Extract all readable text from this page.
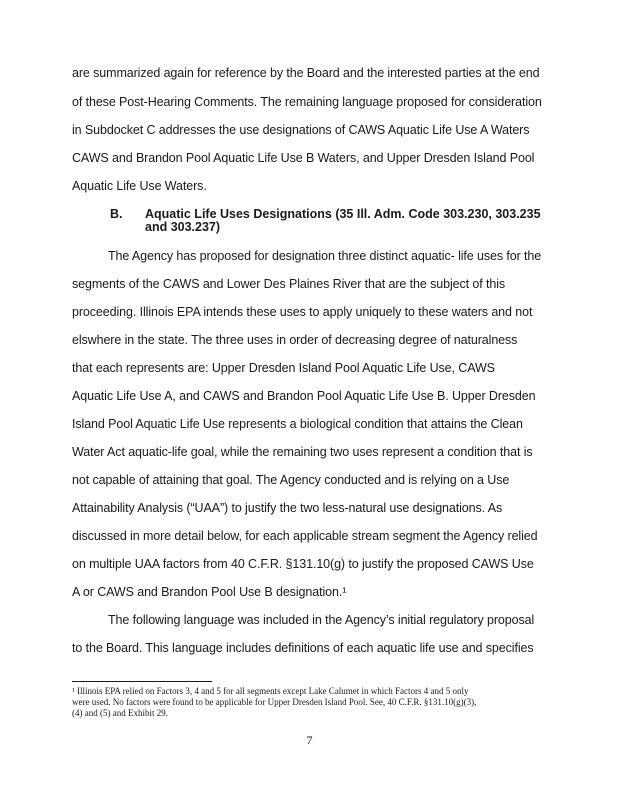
are summarized again for reference by the Board and the interested parties at the end
of these Post-Hearing Comments. The remaining language proposed for consideration
in Subdocket C addresses the use designations of CAWS Aquatic Life Use A Waters
CAWS and Brandon Pool Aquatic Life Use B Waters, and Upper Dresden Island Pool
Aquatic Life Use Waters.
B. Aquatic Life Uses Designations (35 Ill. Adm. Code 303.230, 303.235
and 303.237)
The Agency has proposed for designation three distinct aquatic- life uses for the
segments of the CAWS and Lower Des Plaines River that are the subject of this
proceeding. Illinois EPA intends these uses to apply uniquely to these waters and not
elswhere in the state. The three uses in order of decreasing degree of naturalness
that each represents are: Upper Dresden Island Pool Aquatic Life Use, CAWS
Aquatic Life Use A, and CAWS and Brandon Pool Aquatic Life Use B. Upper Dresden
Island Pool Aquatic Life Use represents a biological condition that attains the Clean
Water Act aquatic-life goal, while the remaining two uses represent a condition that is
not capable of attaining that goal. The Agency conducted and is relying on a Use
Attainability Analysis (“UAA”) to justify the two less-natural use designations. As
discussed in more detail below, for each applicable stream segment the Agency relied
on multiple UAA factors from 40 C.F.R. §131.10(g) to justify the proposed CAWS Use
A or CAWS and Brandon Pool Use B designation.¹
The following language was included in the Agency’s initial regulatory proposal
to the Board. This language includes definitions of each aquatic life use and specifies
¹ Illinois EPA relied on Factors 3, 4 and 5 for all segments except Lake Calumet in which Factors 4 and 5 only
were used. No factors were found to be applicable for Upper Dresden Island Pool. See, 40 C.F.R. §131.10(g)(3),
(4) and (5) and Exhibit 29.
7
